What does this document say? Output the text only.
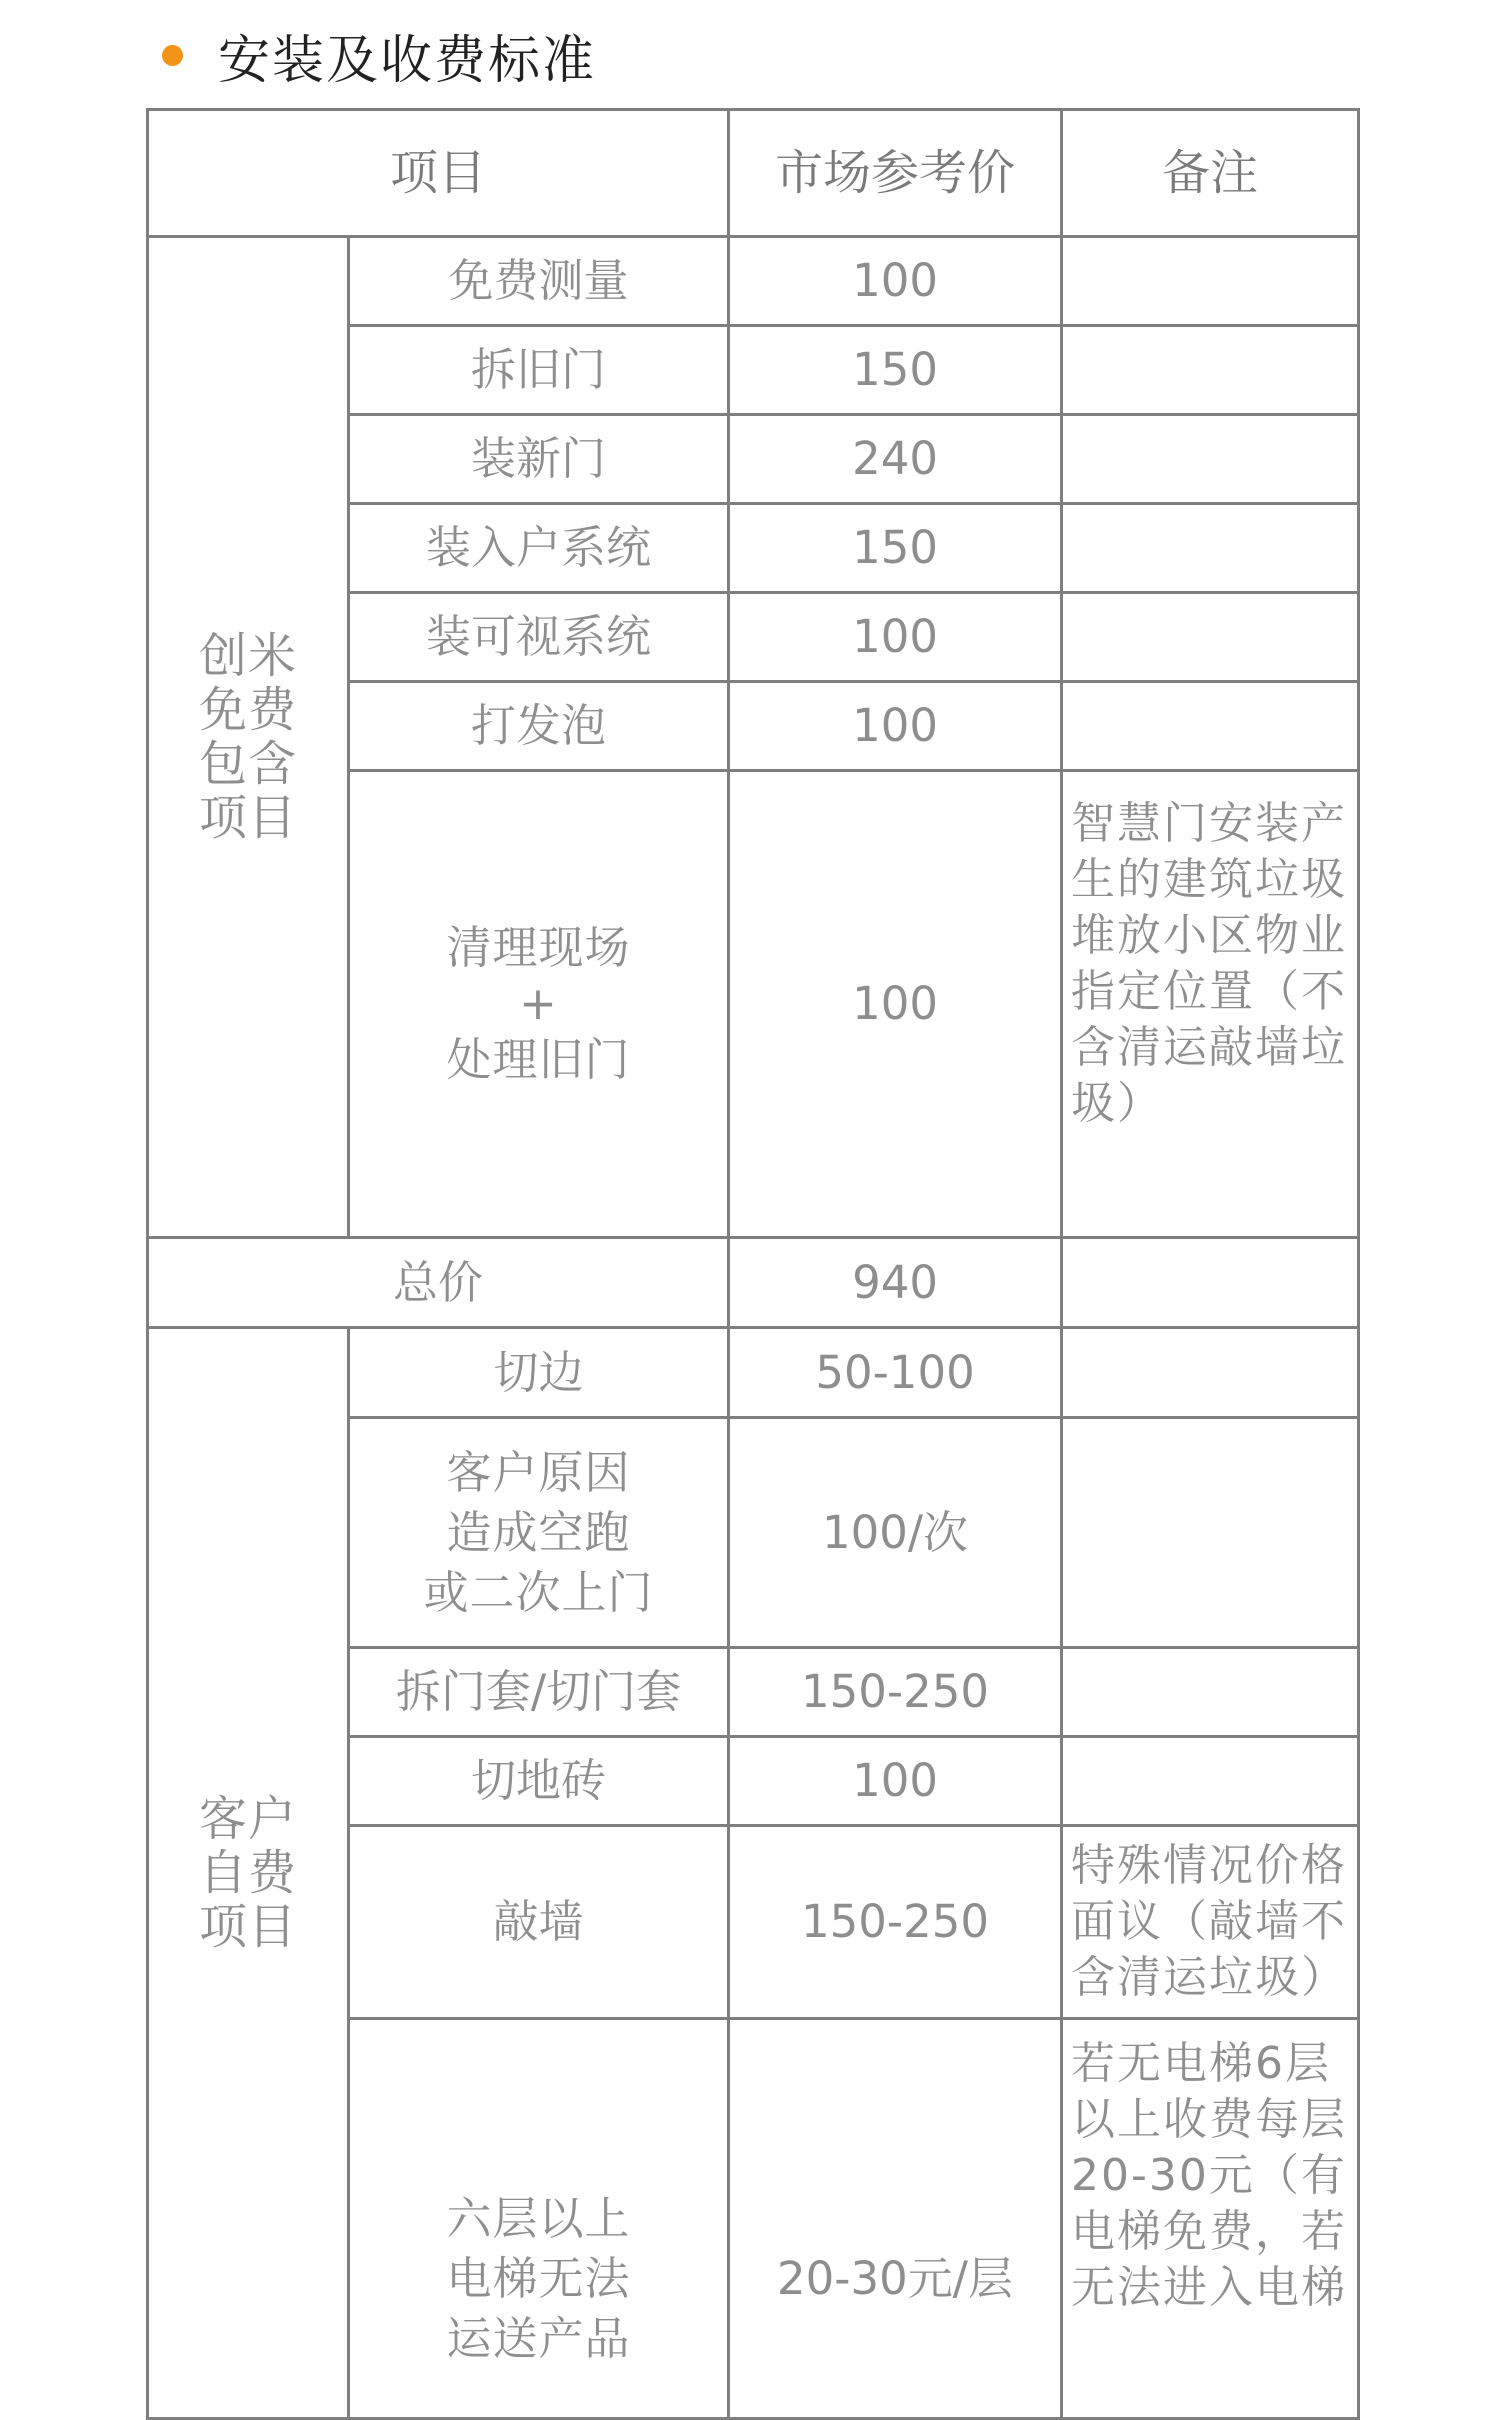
安装及收费标准
项目		市场参考价	备注

创米
免费
包含
项目	免费测量	100	
	拆旧门	150	
	装新门	240	
	装入户系统	150	
	装可视系统	100	
	打发泡	100	

	清理现场
+
处理旧门	100	智慧门安装产生的建筑垃圾堆放小区物业指定位置（不含清运敲墙垃圾）
总价		940	

客户
自费
项目	切边	50-100	

	客户原因
造成空跑
或二次上门	100/次	
	拆门套/切门套	150-250	
	切地砖	100	
	敲墙	150-250	特殊情况价格面议（敲墙不含清运垃圾）

	六层以上
电梯无法
运送产品	20-30元/层	若无电梯6层以上收费每层20-30元（有电梯免费，若无法进入电梯
